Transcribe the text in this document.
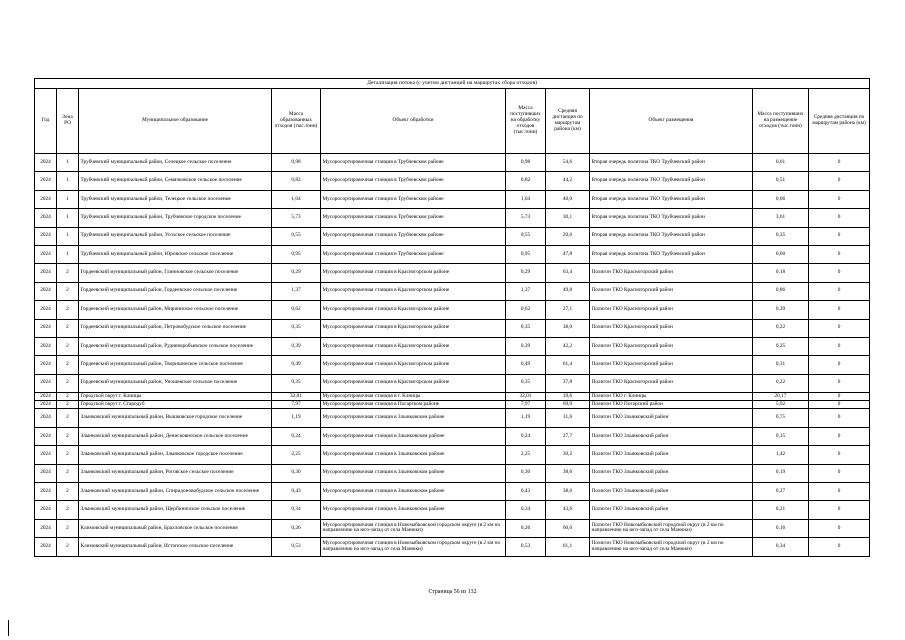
Детализация потока (с учетом дистанций на маршрутах сбора отходов)									
Год	Зона РО	Муниципальное образование	Масса образованных отходов (тыс.тонн)	Объект обработки	Масса поступивших на обработку отходов (тыс.тонн)	Средняя дистанция по маршрутам района (км)	Объект размещения	Масса поступивших на размещение отходов (тыс.тонн)	Средняя дистанция по маршрутам района (км)
2024	1	Трубчевский муниципальный район, Селецкое сельское поселение	0,98	Мусоросортировочная станция в Трубчевском районе	0,98	54,6	Вторая очередь полигона ТКО Трубчевский район	0,61	0
2024	1	Трубчевский муниципальный район, Семячковское сельское поселение	0,82	Мусоросортировочная станция в Трубчевском районе	0,82	44,2	Вторая очередь полигона ТКО Трубчевский район	0,51	0
2024	1	Трубчевский муниципальный район, Телецкое сельское поселение	1,04	Мусоросортировочная станция в Трубчевском районе	1,04	40,0	Вторая очередь полигона ТКО Трубчевский район	0,66	0
2024	1	Трубчевский муниципальный район, Трубчевское городское поселение	5,73	Мусоросортировочная станция в Трубчевском районе	5,73	30,1	Вторая очередь полигона ТКО Трубчевский район	3,61	0
2024	1	Трубчевский муниципальный район, Усохское сельское поселение	0,55	Мусоросортировочная станция в Трубчевском районе	0,55	20,6	Вторая очередь полигона ТКО Трубчевский район	0,35	0
2024	1	Трубчевский муниципальный район, Юровское сельское поселение	0,95	Мусоросортировочная станция в Трубчевском районе	0,95	47,8	Вторая очередь полигона ТКО Трубчевский район	0,60	0
2024	2	Гордеевский муниципальный район, Глинновское сельское поселение	0,29	Мусоросортировочная станция в Красногорском районе	0,29	63,4	Полигон ТКО Красногорский район	0,18	0
2024	2	Гордеевский муниципальный район, Гордеевское сельское поселение	1,37	Мусоросортировочная станция в Красногорском районе	1,37	49,8	Полигон ТКО Красногорский район	0,86	0
2024	2	Гордеевский муниципальный район, Мирнинское сельское поселение	0,62	Мусоросортировочная станция в Красногорском районе	0,62	27,1	Полигон ТКО Красногорский район	0,39	0
2024	2	Гордеевский муниципальный район, Петровобудское сельское поселение	0,35	Мусоросортировочная станция в Красногорском районе	0,35	38,0	Полигон ТКО Красногорский район	0,22	0
2024	2	Гордеевский муниципальный район, Рудневоробьевское сельское поселение	0,39	Мусоросортировочная станция в Красногорском районе	0,39	42,2	Полигон ТКО Красногорский район	0,25	0
2024	2	Гордеевский муниципальный район, Творишинское сельское поселение	0,49	Мусоросортировочная станция в Красногорском районе	0,49	61,4	Полигон ТКО Красногорский район	0,31	0
2024	2	Гордеевский муниципальный район, Уношевское сельское поселение	0,35	Мусоросортировочная станция в Красногорском районе	0,35	37,8	Полигон ТКО Красногорский район	0,22	0
2024	2	Городской округ г. Клинцы	32,01	Мусоросортировочная станция в г. Клинцы	32,01	19,6	Полигон ТКО г. Клинцы	20,17	0
2024	2	Городской округ г. Стародуб	7,97	Мусоросортировочная станция в Погарском районе	7,97	69,0	Полигон ТКО Погарский район	5,02	0
2024	2	Злынковский муниципальный район, Вышковское городское поселение	1,19	Мусоросортировочная станция в Злынковском районе	1,19	31,6	Полигон ТКО Злынковский район	0,75	0
2024	2	Злынковский муниципальный район, Денисковичское сельское поселение	0,24	Мусоросортировочная станция в Злынковском районе	0,24	27,7	Полигон ТКО Злынковский район	0,15	0
2024	2	Злынковский муниципальный район, Злынковское городское поселение	2,25	Мусоросортировочная станция в Злынковском районе	2,25	30,2	Полигон ТКО Злынковский район	1,42	0
2024	2	Злынковский муниципальный район, Роговское сельское поселение	0,30	Мусоросортировочная станция в Злынковском районе	0,30	38,6	Полигон ТКО Злынковский район	0,19	0
2024	2	Злынковский муниципальный район, Спиридоновобудское сельское поселение	0,43	Мусоросортировочная станция в Злынковском районе	0,43	38,6	Полигон ТКО Злынковский район	0,27	0
2024	2	Злынковский муниципальный район, Щербиничское сельское поселение	0,34	Мусоросортировочная станция в Злынковском районе	0,34	43,6	Полигон ТКО Злынковский район	0,21	0
2024	2	Климовский муниципальный район, Брахловское сельское поселение	0,26	Мусоросортировочная станция в Новозыбковском городском округе (в 2 км по направлению на юго-запад от села Манюки)	0,26	60,0	Полигон ТКО Новозыбковский городской округ (в 2 км по направлению на юго-запад от села Манюки)	0,16	0
2024	2	Климовский муниципальный район, Истопское сельское поселение	0,53	Мусоросортировочная станция в Новозыбковском городском округе (в 2 км по направлению на юго-запад от села Манюки)	0,53	61,1	Полигон ТКО Новозыбковский городской округ (в 2 км по направлению на юго-запад от села Манюки)	0,34	0
Страница 56 из 132
